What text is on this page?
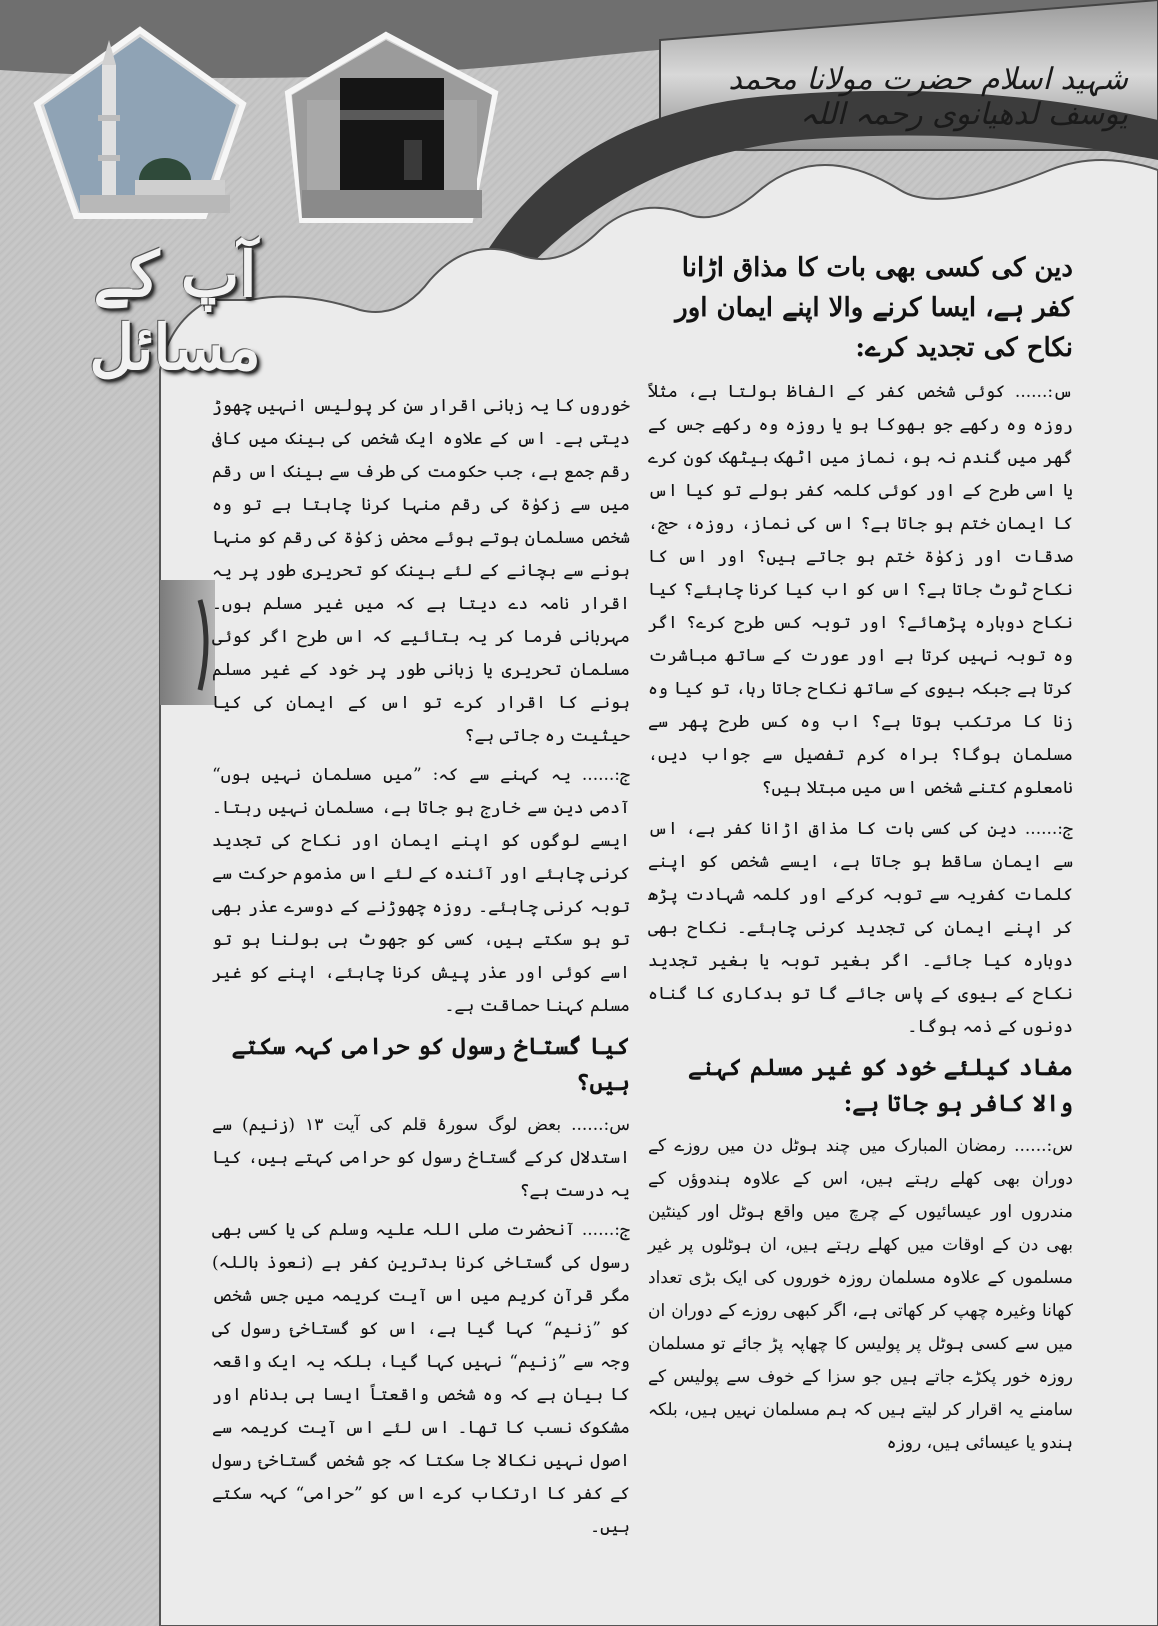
شہید اسلام حضرت مولانا محمد یوسف لدھیانوی رحمہ اللہ
آپ کے مسائل

دین کی کسی بھی بات کا مذاق اڑانا کفر ہے، ایسا کرنے والا اپنے ایمان اور نکاح کی تجدید کرے:

س:...... کوئی شخص کفر کے الفاظ بولتا ہے، مثلاً روزہ وہ رکھے جو بھوکا ہو یا روزہ وہ رکھے جس کے گھر میں گندم نہ ہو، نماز میں اٹھک بیٹھک کون کرے یا اسی طرح کے اور کوئی کلمہ کفر بولے تو کیا اس کا ایمان ختم ہو جاتا ہے؟ اس کی نماز، روزہ، حج، صدقات اور زکوٰۃ ختم ہو جاتے ہیں؟ اور اس کا نکاح ٹوٹ جاتا ہے؟ اس کو اب کیا کرنا چاہئے؟ کیا نکاح دوبارہ پڑھائے؟ اور توبہ کس طرح کرے؟ اگر وہ توبہ نہیں کرتا ہے اور عورت کے ساتھ مباشرت کرتا ہے جبکہ بیوی کے ساتھ نکاح جاتا رہا، تو کیا وہ زنا کا مرتکب ہوتا ہے؟ اب وہ کس طرح پھر سے مسلمان ہوگا؟ براہ کرم تفصیل سے جواب دیں، نامعلوم کتنے شخص اس میں مبتلا ہیں؟

ج:...... دین کی کسی بات کا مذاق اڑانا کفر ہے، اس سے ایمان ساقط ہو جاتا ہے، ایسے شخص کو اپنے کلمات کفریہ سے توبہ کرکے اور کلمہ شہادت پڑھ کر اپنے ایمان کی تجدید کرنی چاہئے۔ نکاح بھی دوبارہ کیا جائے۔ اگر بغیر توبہ یا بغیر تجدید نکاح کے بیوی کے پاس جائے گا تو بدکاری کا گناہ دونوں کے ذمہ ہوگا۔

مفاد کیلئے خود کو غیر مسلم کہنے والا کافر ہو جاتا ہے:

س:...... رمضان المبارک میں چند ہوٹل دن میں روزے کے دوران بھی کھلے رہتے ہیں، اس کے علاوہ ہندوؤں کے مندروں اور عیسائیوں کے چرچ میں واقع ہوٹل اور کینٹین بھی دن کے اوقات میں کھلے رہتے ہیں، ان ہوٹلوں پر غیر مسلموں کے علاوہ مسلمان روزہ خوروں کی ایک بڑی تعداد کھانا وغیرہ چھپ کر کھاتی ہے، اگر کبھی روزے کے دوران ان میں سے کسی ہوٹل پر پولیس کا چھاپہ پڑ جائے تو مسلمان روزہ خور پکڑے جاتے ہیں جو سزا کے خوف سے پولیس کے سامنے یہ اقرار کر لیتے ہیں کہ ہم مسلمان نہیں ہیں، بلکہ ہندو یا عیسائی ہیں، روزہ

خوروں کا یہ زبانی اقرار سن کر پولیس انہیں چھوڑ دیتی ہے۔ اس کے علاوہ ایک شخص کی بینک میں کافی رقم جمع ہے، جب حکومت کی طرف سے بینک اس رقم میں سے زکوٰۃ کی رقم منہا کرنا چاہتا ہے تو وہ شخص مسلمان ہوتے ہوئے محض زکوٰۃ کی رقم کو منہا ہونے سے بچانے کے لئے بینک کو تحریری طور پر یہ اقرار نامہ دے دیتا ہے کہ میں غیر مسلم ہوں۔ مہربانی فرما کر یہ بتائیے کہ اس طرح اگر کوئی مسلمان تحریری یا زبانی طور پر خود کے غیر مسلم ہونے کا اقرار کرے تو اس کے ایمان کی کیا حیثیت رہ جاتی ہے؟

ج:...... یہ کہنے سے کہ: ”میں مسلمان نہیں ہوں“ آدمی دین سے خارج ہو جاتا ہے، مسلمان نہیں رہتا۔ ایسے لوگوں کو اپنے ایمان اور نکاح کی تجدید کرنی چاہئے اور آئندہ کے لئے اس مذموم حرکت سے توبہ کرنی چاہئے۔ روزہ چھوڑنے کے دوسرے عذر بھی تو ہو سکتے ہیں، کسی کو جھوٹ ہی بولنا ہو تو اسے کوئی اور عذر پیش کرنا چاہئے، اپنے کو غیر مسلم کہنا حماقت ہے۔

کیا گستاخ رسول کو حرامی کہہ سکتے ہیں؟

س:...... بعض لوگ سورۂ قلم کی آیت ۱۳ (زنیم) سے استدلال کرکے گستاخ رسول کو حرامی کہتے ہیں، کیا یہ درست ہے؟

ج:...... آنحضرت صلی اللہ علیہ وسلم کی یا کسی بھی رسول کی گستاخی کرنا بدترین کفر ہے (نعوذ باللہ) مگر قرآن کریم میں اس آیت کریمہ میں جس شخص کو ”زنیم“ کہا گیا ہے، اس کو گستاخیٔ رسول کی وجہ سے ”زنیم“ نہیں کہا گیا، بلکہ یہ ایک واقعہ کا بیان ہے کہ وہ شخص واقعتاً ایسا ہی بدنام اور مشکوک نسب کا تھا۔ اس لئے اس آیت کریمہ سے اصول نہیں نکالا جا سکتا کہ جو شخص گستاخیٔ رسول کے کفر کا ارتکاب کرے اس کو ”حرامی“ کہہ سکتے ہیں۔
